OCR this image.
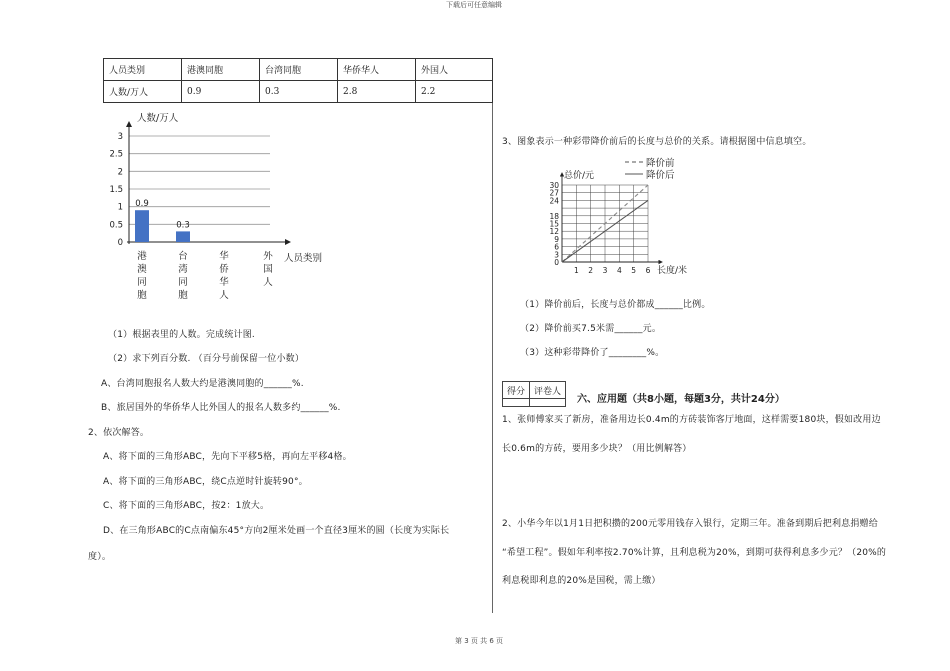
下载后可任意编辑
第 3 页 共 6 页
人员类别	港澳同胞	台湾同胞	华侨华人	外国人
人数/万人	0.9	0.3	2.8	2.2
0
0.5
1
1.5
2
2.5
3
人数/万人
人员类别
0.9
港
澳
同
胞
0.3
台
湾
同
胞
华
侨
华
人
外
国
人
30
27
24
18
15
12
9
6
3
0
1 2 3 4 5 6
总价/元
长度/米
降价前
降价后
（1）根据表里的人数。完成统计图.
（2）求下列百分数. （百分号前保留一位小数）
A、台湾同胞报名人数大约是港澳同胞的______%.
B、旅居国外的华侨华人比外国人的报名人数多约______%.
2、依次解答。
A、将下面的三角形ABC，先向下平移5格，再向左平移4格。
A、将下面的三角形ABC，绕C点逆时针旋转90°。
C、将下面的三角形ABC，按2：1放大。
D、在三角形ABC的C点南偏东45°方向2厘米处画一个直径3厘米的圆（长度为实际长
度）。
3、图象表示一种彩带降价前后的长度与总价的关系。请根据图中信息填空。
（1）降价前后，长度与总价都成______比例。
（2）降价前买7.5米需______元。
（3）这种彩带降价了________%。
得分	评卷人

六、应用题（共8小题，每题3分，共计24分）
1、张师傅家买了新房，准备用边长0.4m的方砖装饰客厅地面，这样需要180块，假如改用边
长0.6m的方砖，要用多少块？（用比例解答）
2、小华今年以1月1日把积攒的200元零用钱存入银行，定期三年。准备到期后把利息捐赠给
“希望工程”。假如年利率按2.70%计算，且利息税为20%，到期可获得利息多少元？（20%的
利息税即利息的20%是国税，需上缴）
